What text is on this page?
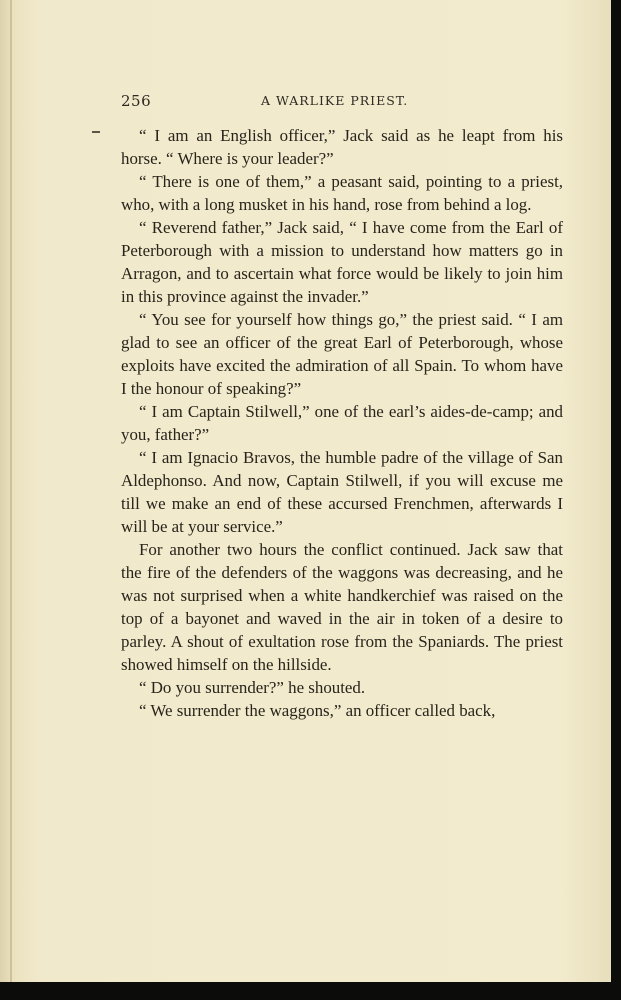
256	A WARLIKE PRIEST.

“ I am an English officer,” Jack said as he leapt from his horse. “ Where is your leader?”

“ There is one of them,” a peasant said, pointing to a priest, who, with a long musket in his hand, rose from behind a log.

“ Reverend father,” Jack said, “ I have come from the Earl of Peterborough with a mission to understand how matters go in Arragon, and to ascertain what force would be likely to join him in this province against the invader.”

“ You see for yourself how things go,” the priest said. “ I am glad to see an officer of the great Earl of Peterborough, whose exploits have excited the admiration of all Spain. To whom have I the honour of speaking?”

“ I am Captain Stilwell,” one of the earl’s aides-de-camp; and you, father?”

“ I am Ignacio Bravos, the humble padre of the village of San Aldephonso. And now, Captain Stilwell, if you will excuse me till we make an end of these accursed Frenchmen, afterwards I will be at your service.”

For another two hours the conflict continued. Jack saw that the fire of the defenders of the waggons was decreasing, and he was not surprised when a white handkerchief was raised on the top of a bayonet and waved in the air in token of a desire to parley. A shout of exultation rose from the Spaniards. The priest showed himself on the hillside.

“ Do you surrender?” he shouted.

“ We surrender the waggons,” an officer called back,
